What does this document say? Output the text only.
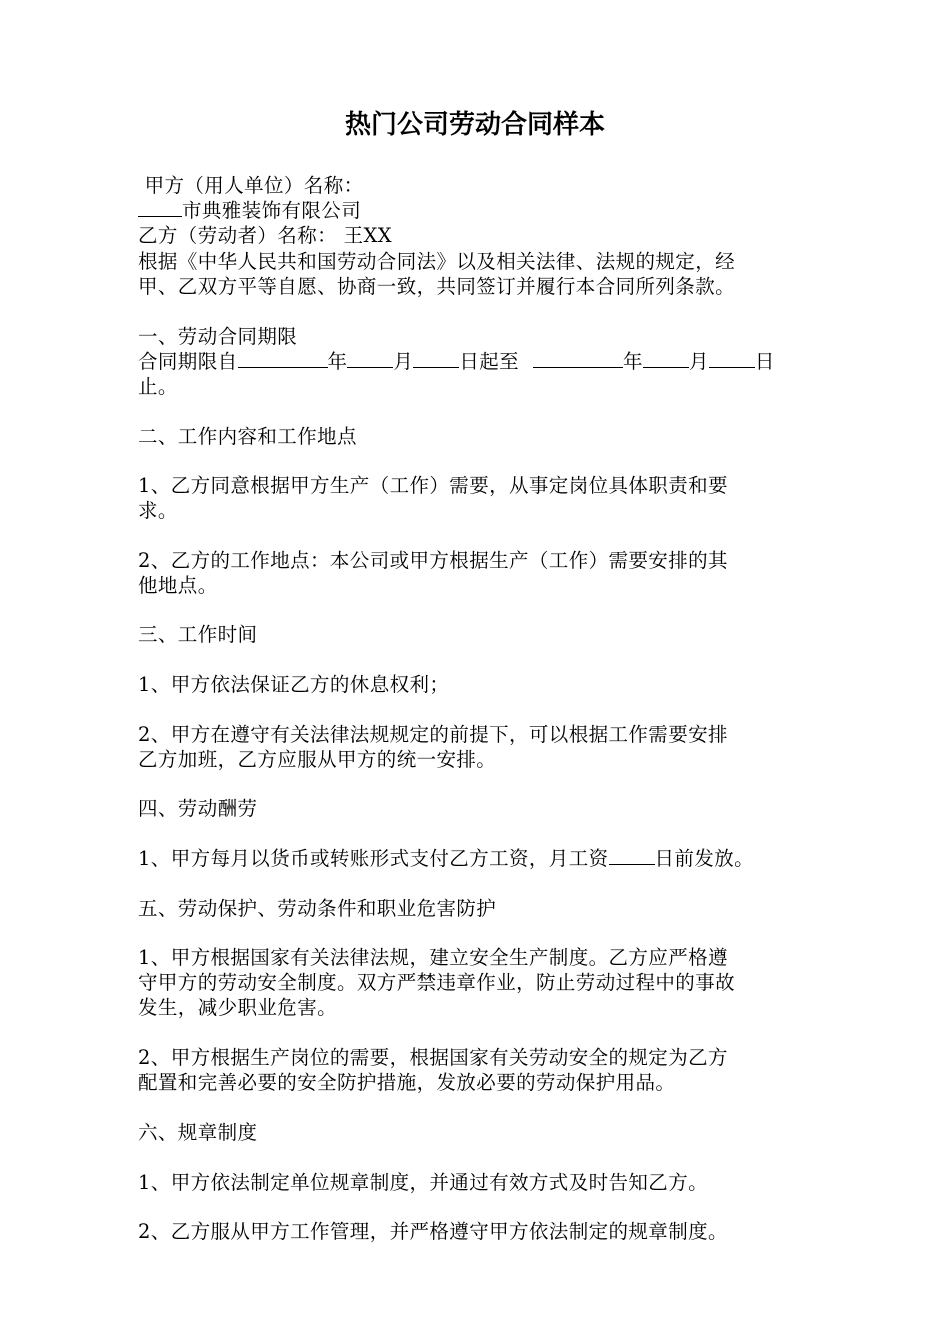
热门公司劳动合同样本
甲方（用人单位）名称：
市典雅装饰有限公司
乙方（劳动者）名称： 王XX
根据《中华人民共和国劳动合同法》以及相关法律、法规的规定，经
甲、乙双方平等自愿、协商一致，共同签订并履行本合同所列条款。
一、劳动合同期限
合同期限自	年 月 日起至	年 月 日
止。
二、工作内容和工作地点
1、乙方同意根据甲方生产（工作）需要，从事定岗位具体职责和要
求。
2、乙方的工作地点：本公司或甲方根据生产（工作）需要安排的其
他地点。
三、工作时间
1、甲方依法保证乙方的休息权利；
2、甲方在遵守有关法律法规规定的前提下，可以根据工作需要安排
乙方加班，乙方应服从甲方的统一安排。
四、劳动酬劳
1、甲方每月以货币或转账形式支付乙方工资，月工资 日前发放。
五、劳动保护、劳动条件和职业危害防护
1、甲方根据国家有关法律法规，建立安全生产制度。乙方应严格遵
守甲方的劳动安全制度。双方严禁违章作业，防止劳动过程中的事故
发生，减少职业危害。
2、甲方根据生产岗位的需要，根据国家有关劳动安全的规定为乙方
配置和完善必要的安全防护措施，发放必要的劳动保护用品。
六、规章制度
1、甲方依法制定单位规章制度，并通过有效方式及时告知乙方。
2、乙方服从甲方工作管理，并严格遵守甲方依法制定的规章制度。
